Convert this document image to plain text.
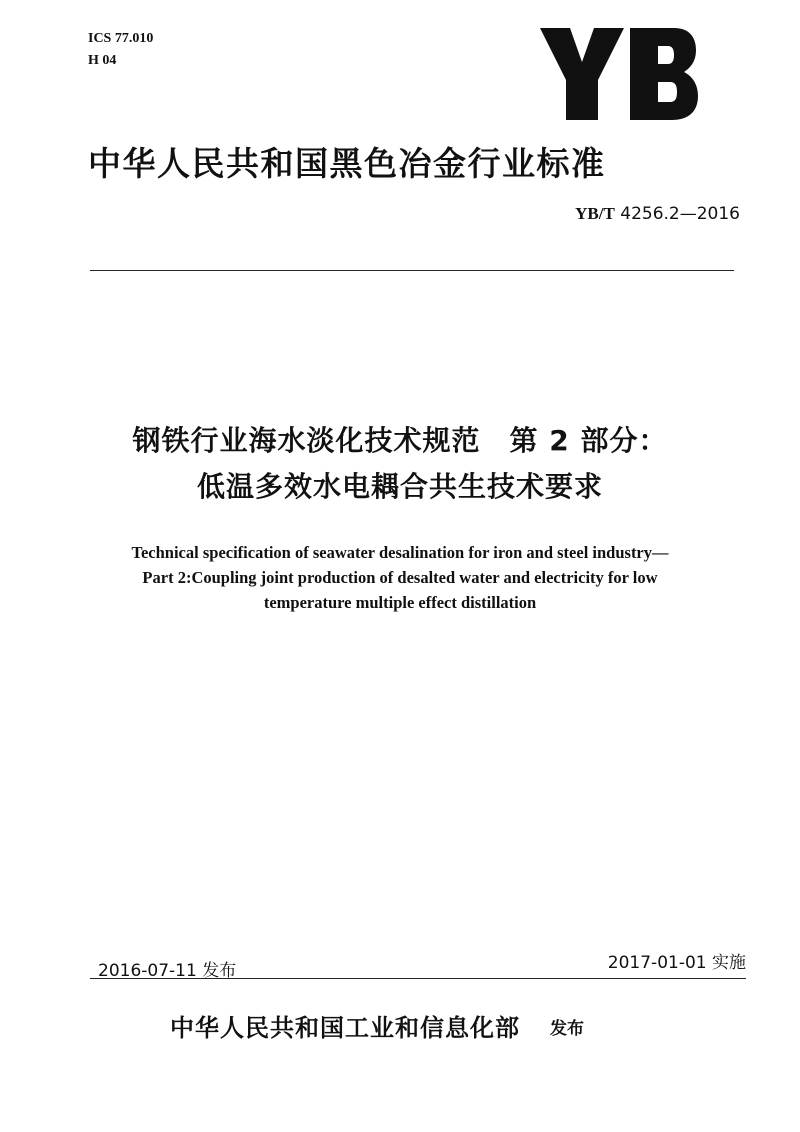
ICS 77.010
H 04
中华人民共和国黑色冶金行业标准
YB/T 4256.2—2016
钢铁行业海水淡化技术规范　第 2 部分：
低温多效水电耦合共生技术要求
Technical specification of seawater desalination for iron and steel industry—
Part 2:Coupling joint production of desalted water and electricity for low
temperature multiple effect distillation
2016-07-11 发布	2017-01-01 实施
中华人民共和国工业和信息化部 发布
